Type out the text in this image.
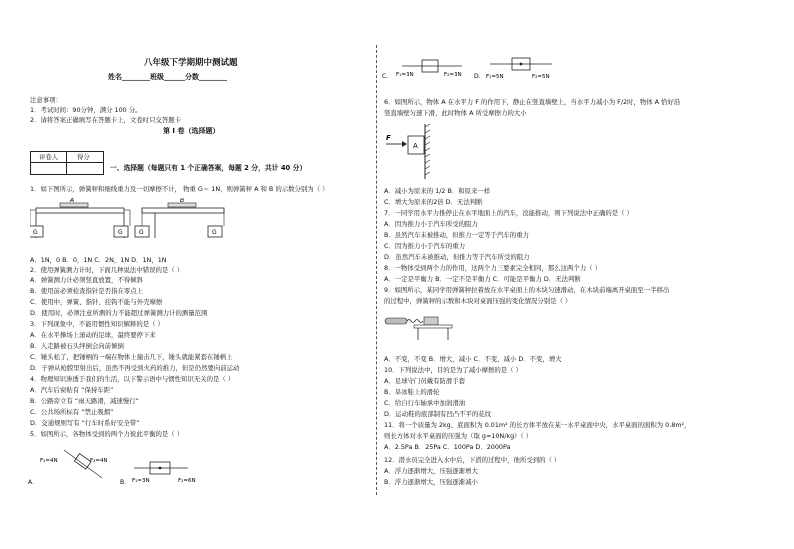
八年级下学期期中测试题
姓名________班级______分数________
注意事项：
1．考试时间：90分钟，满分 100 分。
2．请将答案正确填写在答题卡上，文卷时只交答题卡
第 I 卷（选择题）
评卷人	得分
一、选择题（每题只有 1 个正确答案，每题 2 分，共计 40 分）
1．如下图所示，弹簧秤和细线重力及一切摩擦不计， 物重 G＝ 1N，则弹簧秤 A 和 B 的示数分别为（ ）
A
G	G
B
G	G
A．1N，0 B．0，1N C．2N，1N D．1N，1N
2．使用弹簧测力计时，下面几种说法中错误的是（ ）
A．弹簧测力计必须竖直放置，不得倾斜
B．使用前必须检查指针是否指在零点上
C．使用中，弹簧、指针、挂钩不能与外壳摩擦
D．使用时，必须注意所测的力不能超过弹簧测力计的测量范围
3．下列现象中，不能用惯性知识解释的是（ ）
A．在水平操场上滚动的足球，最终要停下来
B．人走路被石头绊倒会向前倾倒
C．锤头松了，把锤柄的一端在物体上撞击几下，锤头就能紧套在锤柄上
D．子弹从枪膛里射出后，虽然不再受到火药的推力，但是仍然要向前运动
4．物理知识渗透于我们的生活，以下警示语中与惯性知识无关的是（ ）
A．汽车后窗贴有 “保持车距”
B．公路旁立有 “雨天路滑，减速慢行”
C．公共场所标有 “禁止吸烟”
D．交通规则写有 “行车时系好安全带”
5．如图所示，各物体受到的两个力彼此平衡的是（ ）
A．
F₁=4N	F₂=4N
B． F₁=3N	F₂=6N
C． F₁=3N	F₂=3N D． F₁=5N	F₂=5N
6．如图所示，物体 A 在水平力 F 的作用下，静止在竖直墙壁上，当水平力减小为 F/2时，物体 A 恰好沿
竖直墙壁匀速下滑，此时物体 A 所受摩擦力的大小
F
A
A．减小为原来的 1/2 B．和原来一样
C．增大为原来的2倍 D．无法判断
7．一同学用水平力推停止在水平地面上的汽车，没能推动，则下列说法中正确的是（ ）
A．因为推力小于汽车所受的阻力
B．虽然汽车未被推动，但推力一定等于汽车的重力
C．因为推力小于汽车的重力
D．虽然汽车未被推动，但推力等于汽车所受的阻力
8．一物体受到两个力的作用，这两个力三要素完全相同，那么这两个力（ ）
A．一定是平衡力 B．一定不是平衡力 C．可能是平衡力 D．无法判断
9．如图所示，某同学用弹簧秤拉着放在水平桌面上的木块匀速滑动，在木块前端离开桌面至一半移出
的过程中，弹簧秤的示数和木块对桌面压强的变化情况分别是（ ）
A．不变，不变 B．增大，减小 C．不变，减小 D．不变，增大
10．下列说法中，目的是为了减小摩擦的是（ ）
A．足球守门员戴有防滑手套
B．旱冰鞋上的滑轮
C．给自行车轴承中加润滑油
D．运动鞋的底部制有凹凸不平的花纹
11．将一个质量为 2kg、底面积为 0.01m² 的长方体平放在某一水平桌面中央，水平桌面的面积为 0.8m²，
则长方体对水平桌面的压强为（取 g=10N/kg）（ ）
A．2.5Pa B．25Pa C．100Pa D．2000Pa
12．潜水员完全进入水中后，下潜的过程中，他所受到的（ ）
A．浮力逐渐增大，压强逐渐增大
B．浮力逐渐增大，压强逐渐减小
